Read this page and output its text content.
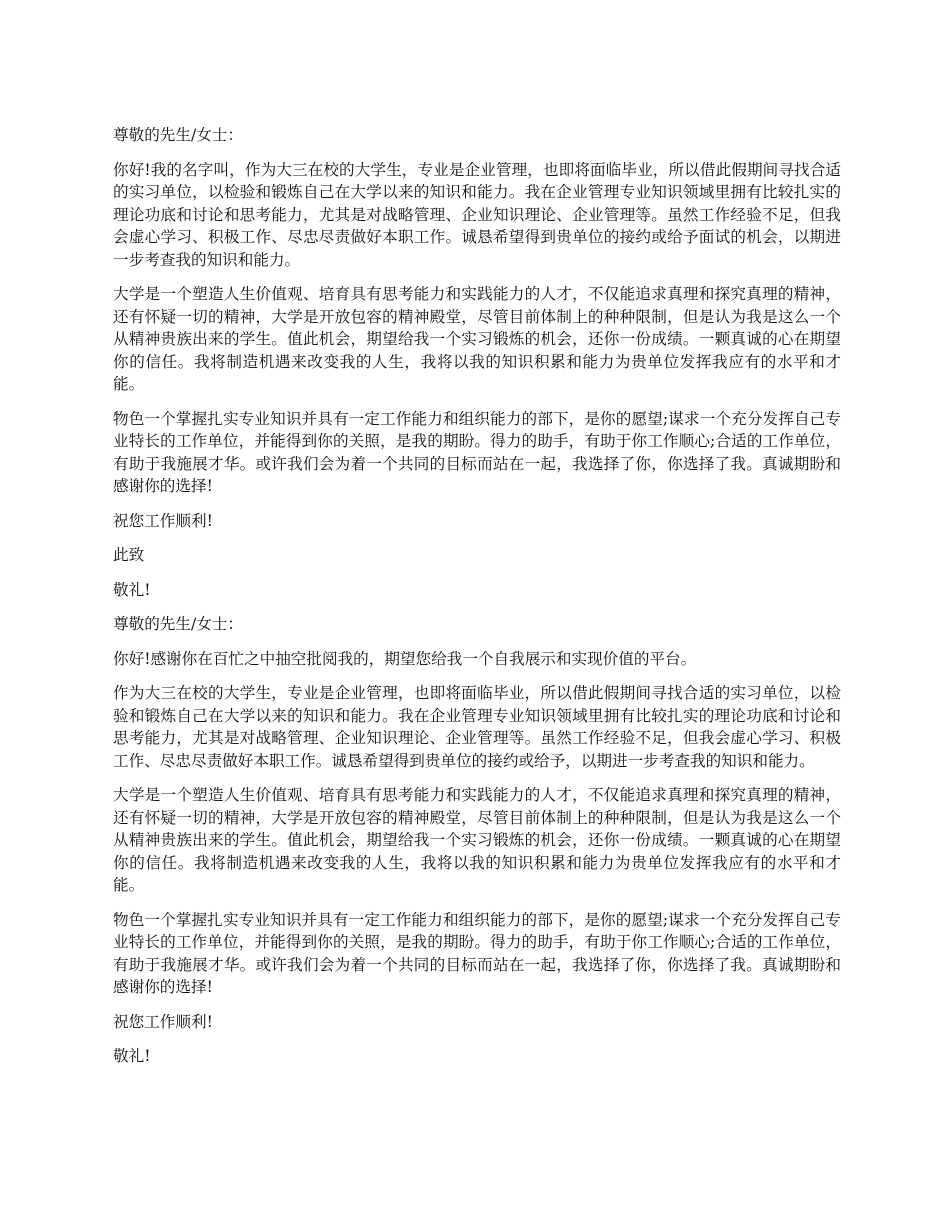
尊敬的先生/女士：

你好!我的名字叫，作为大三在校的大学生，专业是企业管理，也即将面临毕业，所以借此假期间寻找合适的实习单位，以检验和锻炼自己在大学以来的知识和能力。我在企业管理专业知识领域里拥有比较扎实的理论功底和讨论和思考能力，尤其是对战略管理、企业知识理论、企业管理等。虽然工作经验不足，但我会虚心学习、积极工作、尽忠尽责做好本职工作。诚恳希望得到贵单位的接约或给予面试的机会，以期进一步考查我的知识和能力。

大学是一个塑造人生价值观、培育具有思考能力和实践能力的人才，不仅能追求真理和探究真理的精神，还有怀疑一切的精神，大学是开放包容的精神殿堂，尽管目前体制上的种种限制，但是认为我是这么一个从精神贵族出来的学生。值此机会，期望给我一个实习锻炼的机会，还你一份成绩。一颗真诚的心在期望你的信任。我将制造机遇来改变我的人生，我将以我的知识积累和能力为贵单位发挥我应有的水平和才能。

物色一个掌握扎实专业知识并具有一定工作能力和组织能力的部下，是你的愿望;谋求一个充分发挥自己专业特长的工作单位，并能得到你的关照，是我的期盼。得力的助手，有助于你工作顺心;合适的工作单位，有助于我施展才华。或许我们会为着一个共同的目标而站在一起，我选择了你，你选择了我。真诚期盼和感谢你的选择!

祝您工作顺利!

此致

敬礼!

尊敬的先生/女士：

你好!感谢你在百忙之中抽空批阅我的，期望您给我一个自我展示和实现价值的平台。

作为大三在校的大学生，专业是企业管理，也即将面临毕业，所以借此假期间寻找合适的实习单位，以检验和锻炼自己在大学以来的知识和能力。我在企业管理专业知识领域里拥有比较扎实的理论功底和讨论和思考能力，尤其是对战略管理、企业知识理论、企业管理等。虽然工作经验不足，但我会虚心学习、积极工作、尽忠尽责做好本职工作。诚恳希望得到贵单位的接约或给予，以期进一步考查我的知识和能力。

大学是一个塑造人生价值观、培育具有思考能力和实践能力的人才，不仅能追求真理和探究真理的精神，还有怀疑一切的精神，大学是开放包容的精神殿堂，尽管目前体制上的种种限制，但是认为我是这么一个从精神贵族出来的学生。值此机会，期望给我一个实习锻炼的机会，还你一份成绩。一颗真诚的心在期望你的信任。我将制造机遇来改变我的人生，我将以我的知识积累和能力为贵单位发挥我应有的水平和才能。

物色一个掌握扎实专业知识并具有一定工作能力和组织能力的部下，是你的愿望;谋求一个充分发挥自己专业特长的工作单位，并能得到你的关照，是我的期盼。得力的助手，有助于你工作顺心;合适的工作单位，有助于我施展才华。或许我们会为着一个共同的目标而站在一起，我选择了你，你选择了我。真诚期盼和感谢你的选择!

祝您工作顺利!

敬礼!
